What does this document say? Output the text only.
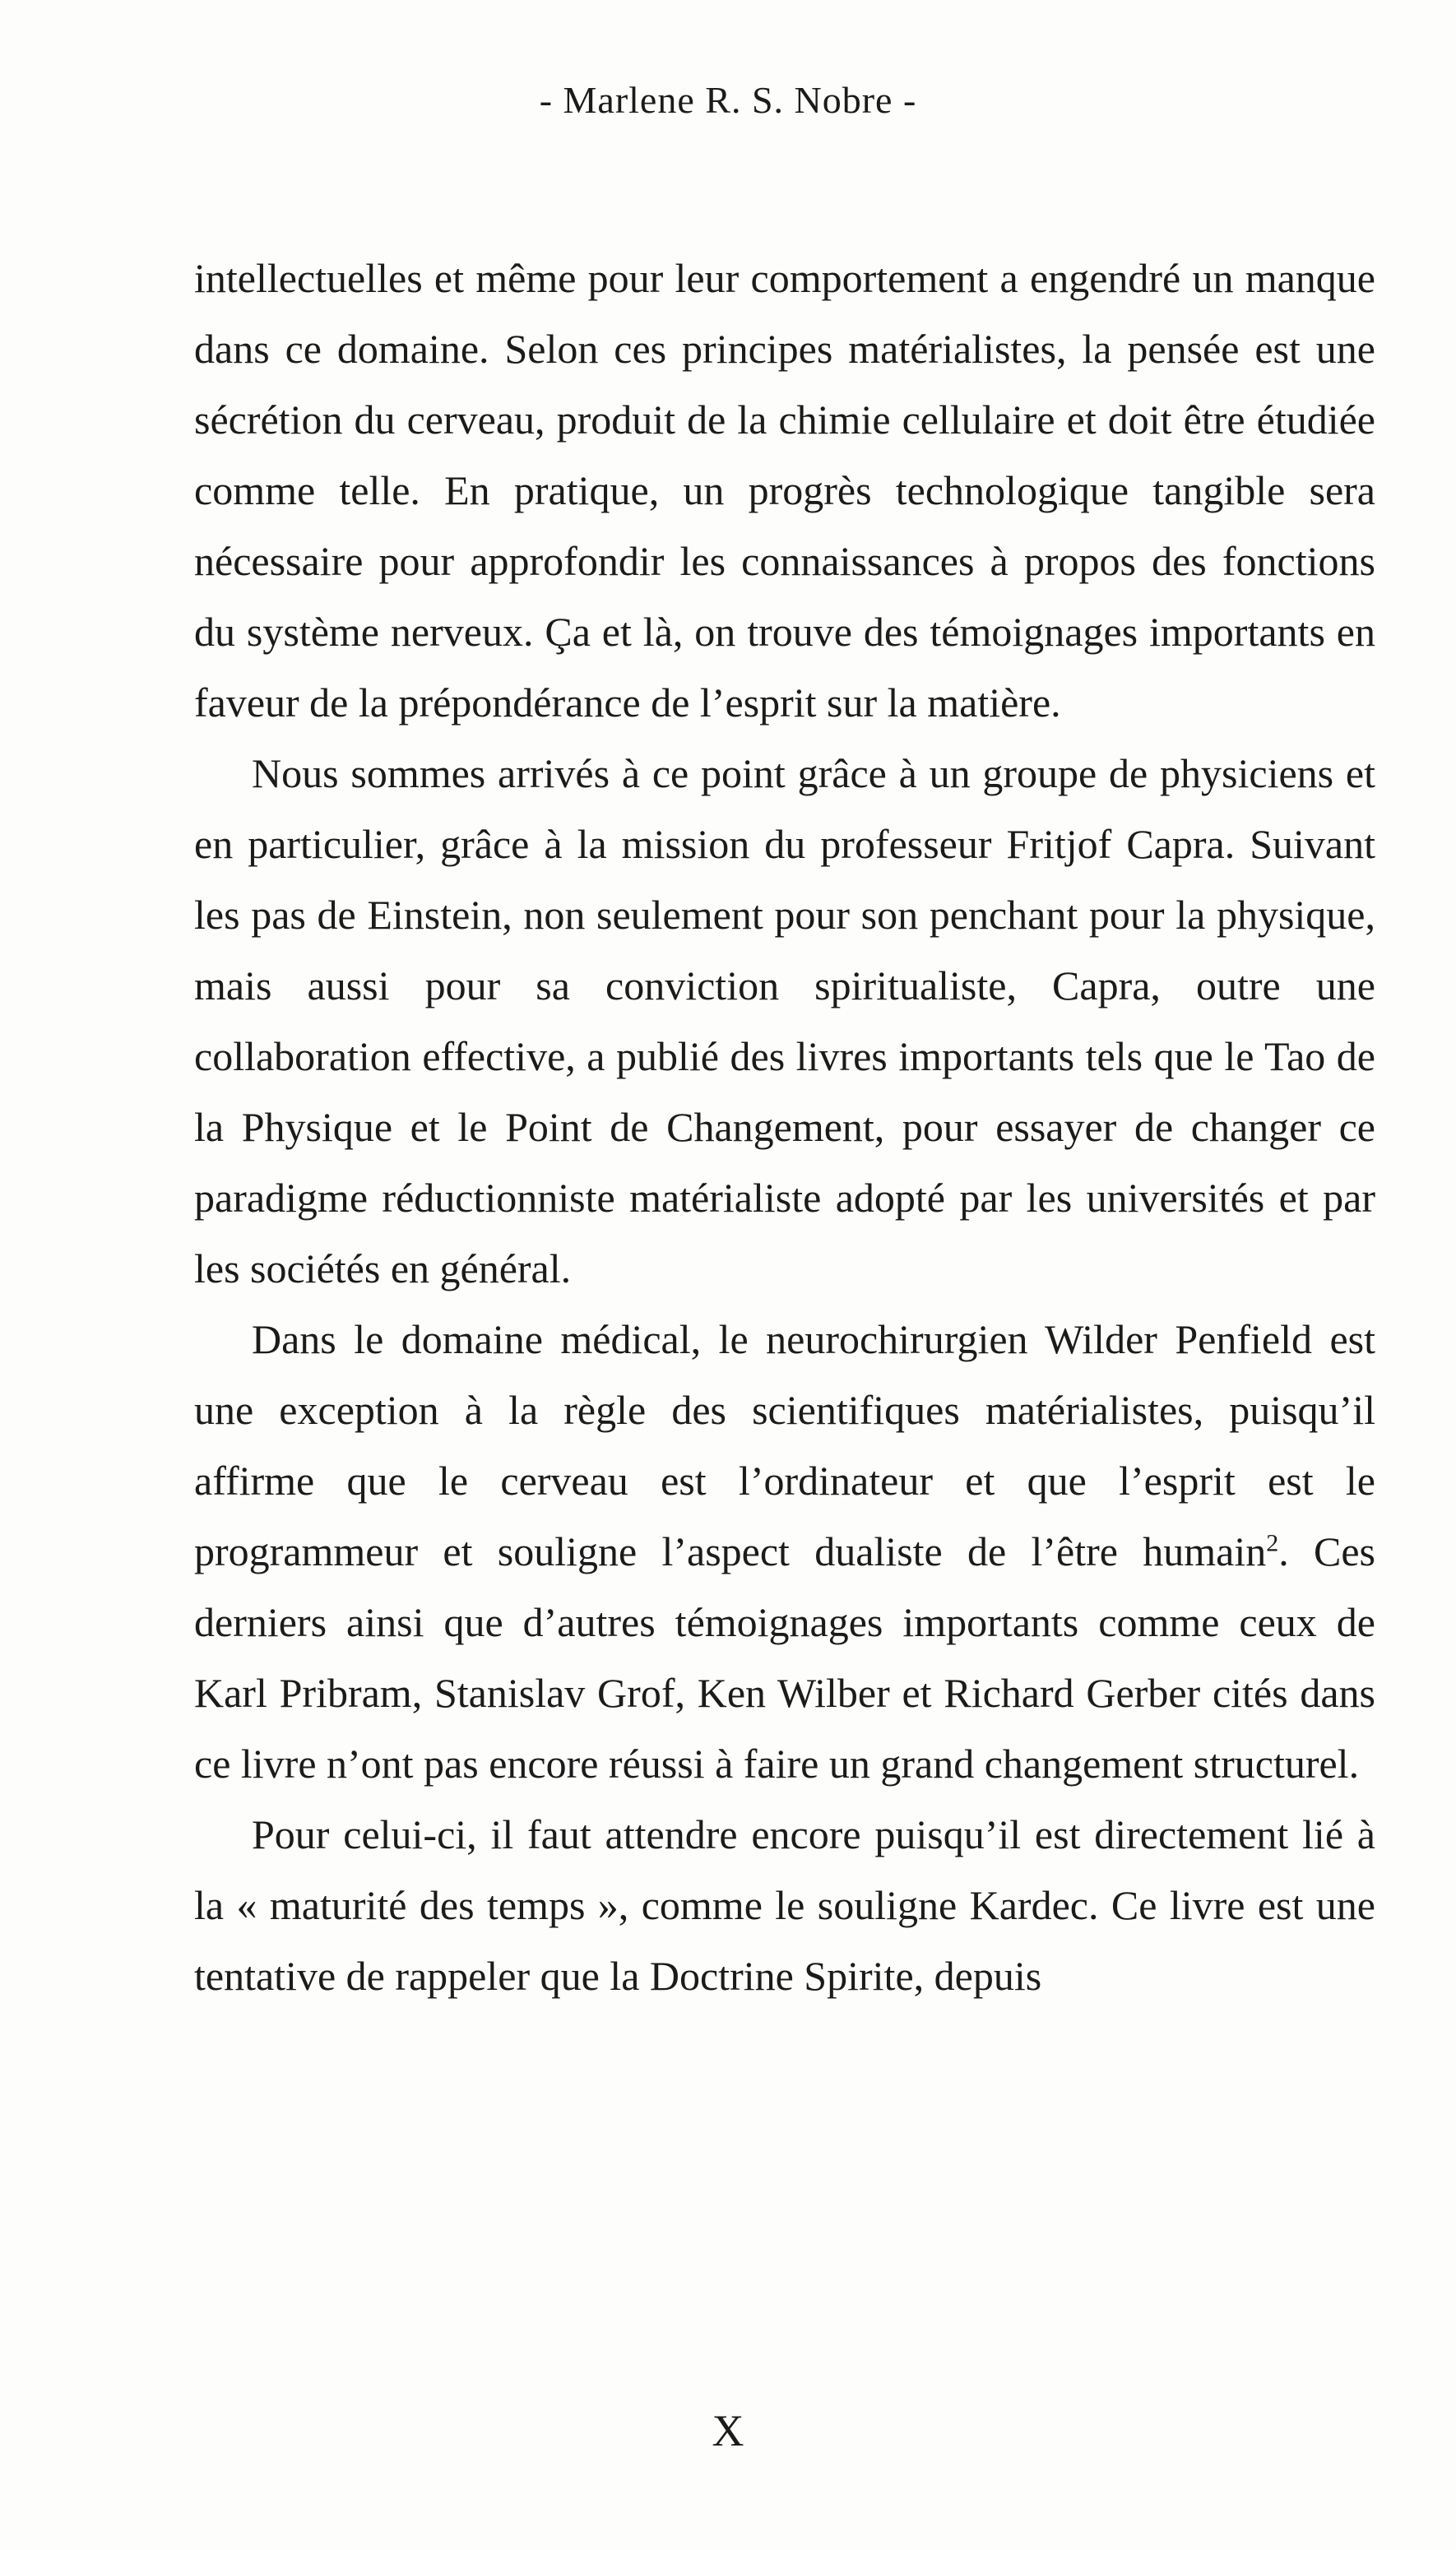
- Marlene R. S. Nobre -

intellectuelles et même pour leur comportement a engendré un manque dans ce domaine. Selon ces principes matérialistes, la pensée est une sécrétion du cerveau, produit de la chimie cellulaire et doit être étudiée comme telle. En pratique, un progrès technologique tangible sera nécessaire pour approfondir les connaissances à propos des fonctions du système nerveux. Ça et là, on trouve des témoignages importants en faveur de la prépondérance de l’esprit sur la matière.

Nous sommes arrivés à ce point grâce à un groupe de physiciens et en particulier, grâce à la mission du professeur Fritjof Capra. Suivant les pas de Einstein, non seulement pour son penchant pour la physique, mais aussi pour sa conviction spiritualiste, Capra, outre une collaboration effective, a publié des livres importants tels que le Tao de la Physique et le Point de Changement, pour essayer de changer ce paradigme réductionniste matérialiste adopté par les universités et par les sociétés en général.

Dans le domaine médical, le neurochirurgien Wilder Penfield est une exception à la règle des scientifiques matérialistes, puisqu’il affirme que le cerveau est l’ordinateur et que l’esprit est le programmeur et souligne l’aspect dualiste de l’être humain$^2$. Ces derniers ainsi que d’autres témoignages importants comme ceux de Karl Pribram, Stanislav Grof, Ken Wilber et Richard Gerber cités dans ce livre n’ont pas encore réussi à faire un grand changement structurel.

Pour celui-ci, il faut attendre encore puisqu’il est directement lié à la « maturité des temps », comme le souligne Kardec. Ce livre est une tentative de rappeler que la Doctrine Spirite, depuis

X
